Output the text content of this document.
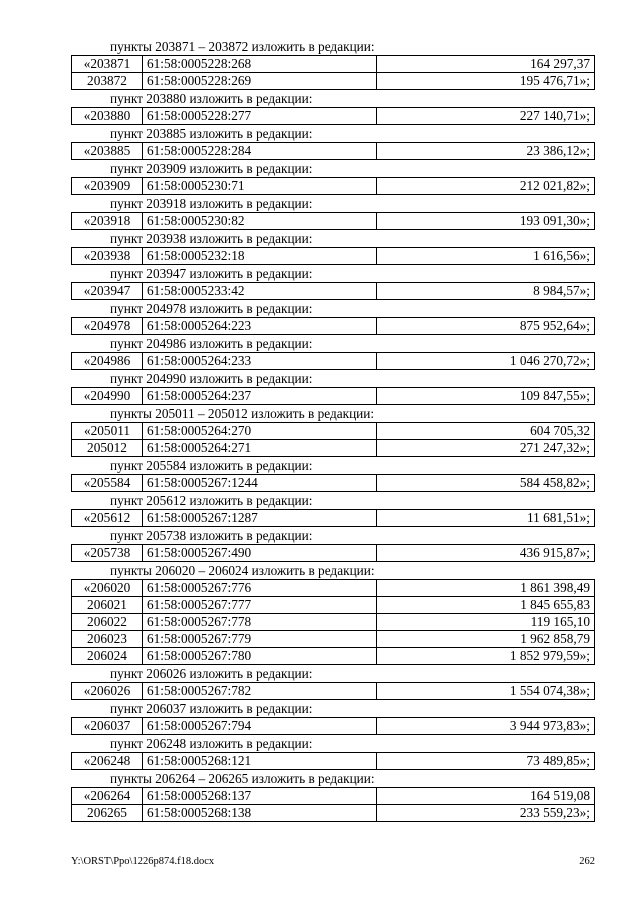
пункты 203871 – 203872 изложить в редакции:
«203871	61:58:0005228:268	164 297,37
203872	61:58:0005228:269	195 476,71»;
пункт 203880 изложить в редакции:
«203880	61:58:0005228:277	227 140,71»;
пункт 203885 изложить в редакции:
«203885	61:58:0005228:284	23 386,12»;
пункт 203909 изложить в редакции:
«203909	61:58:0005230:71	212 021,82»;
пункт 203918 изложить в редакции:
«203918	61:58:0005230:82	193 091,30»;
пункт 203938 изложить в редакции:
«203938	61:58:0005232:18	1 616,56»;
пункт 203947 изложить в редакции:
«203947	61:58:0005233:42	8 984,57»;
пункт 204978 изложить в редакции:
«204978	61:58:0005264:223	875 952,64»;
пункт 204986 изложить в редакции:
«204986	61:58:0005264:233	1 046 270,72»;
пункт 204990 изложить в редакции:
«204990	61:58:0005264:237	109 847,55»;
пункты 205011 – 205012 изложить в редакции:
«205011	61:58:0005264:270	604 705,32
205012	61:58:0005264:271	271 247,32»;
пункт 205584 изложить в редакции:
«205584	61:58:0005267:1244	584 458,82»;
пункт 205612 изложить в редакции:
«205612	61:58:0005267:1287	11 681,51»;
пункт 205738 изложить в редакции:
«205738	61:58:0005267:490	436 915,87»;
пункты 206020 – 206024 изложить в редакции:
«206020	61:58:0005267:776	1 861 398,49
206021	61:58:0005267:777	1 845 655,83
206022	61:58:0005267:778	119 165,10
206023	61:58:0005267:779	1 962 858,79
206024	61:58:0005267:780	1 852 979,59»;
пункт 206026 изложить в редакции:
«206026	61:58:0005267:782	1 554 074,38»;
пункт 206037 изложить в редакции:
«206037	61:58:0005267:794	3 944 973,83»;
пункт 206248 изложить в редакции:
«206248	61:58:0005268:121	73 489,85»;
пункты 206264 – 206265 изложить в редакции:
«206264	61:58:0005268:137	164 519,08
206265	61:58:0005268:138	233 559,23»;
Y:\ORST\Ppo\1226p874.f18.docx	262
